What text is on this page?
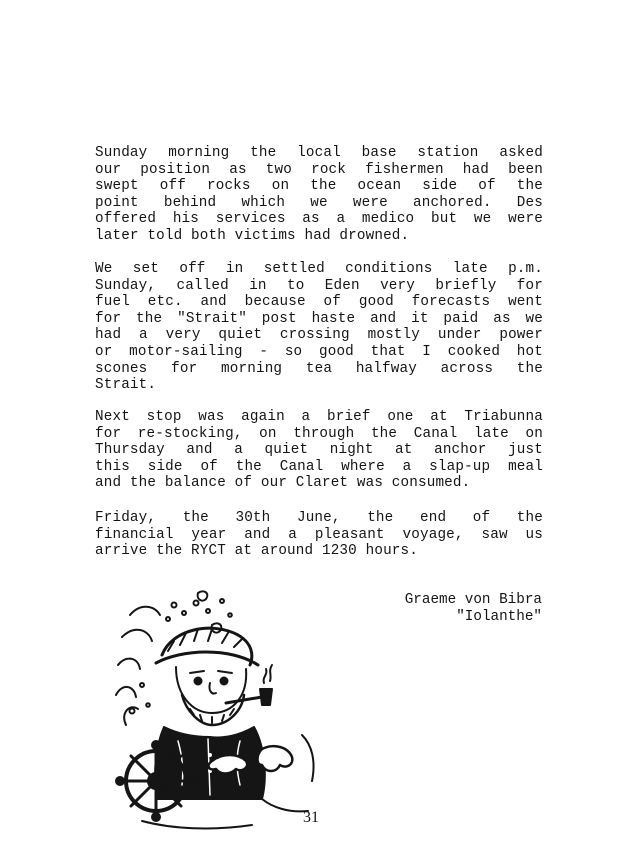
Sunday morning the local base station asked
our position as two rock fishermen had been
swept off rocks on the ocean side of the
point behind which we were anchored. Des
offered his services as a medico but we were
later told both victims had drowned.
We set off in settled conditions late p.m.
Sunday, called in to Eden very briefly for
fuel etc. and because of good forecasts went
for the "Strait" post haste and it paid as we
had a very quiet crossing mostly under power
or motor-sailing - so good that I cooked hot
scones for morning tea halfway across the
Strait.
Next stop was again a brief one at Triabunna
for re-stocking, on through the Canal late on
Thursday and a quiet night at anchor just
this side of the Canal where a slap-up meal
and the balance of our Claret was consumed.
Friday, the 30th June, the end of the
financial year and a pleasant voyage, saw us
arrive the RYCT at around 1230 hours.
Graeme von Bibra
"Iolanthe"
31
